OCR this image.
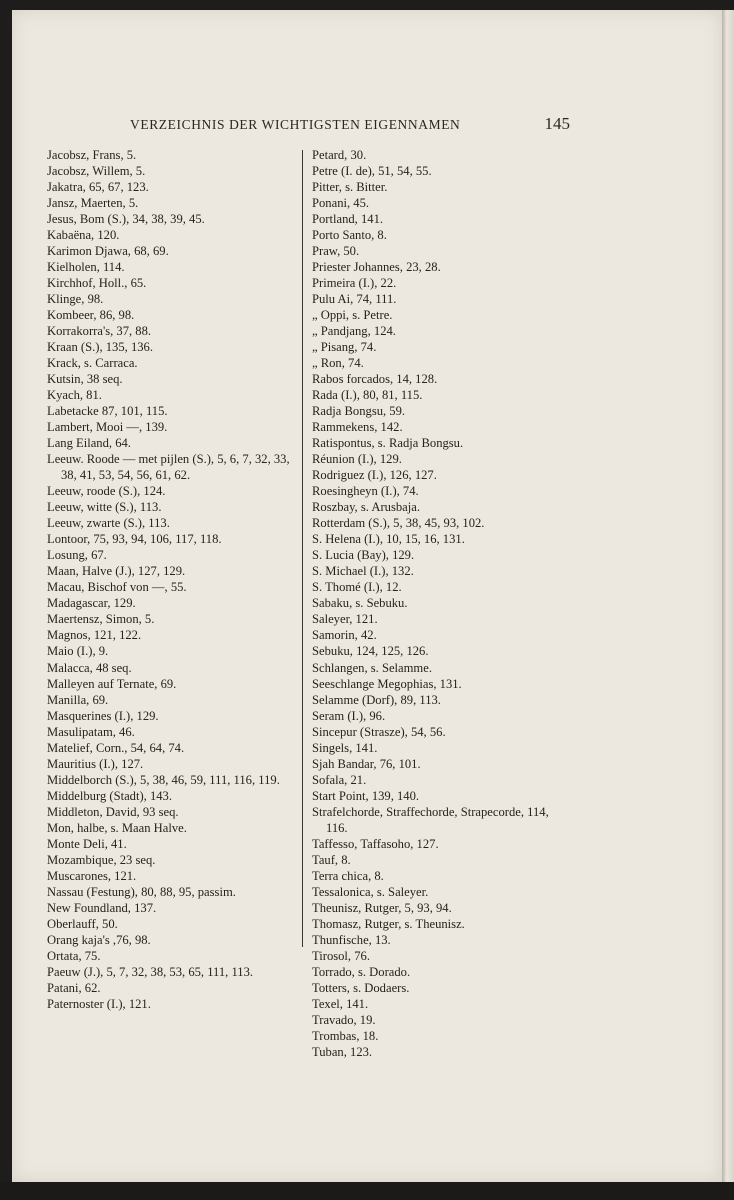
VERZEICHNIS DER WICHTIGSTEN EIGENNAMEN	145
Jacobsz, Frans, 5.
Jacobsz, Willem, 5.
Jakatra, 65, 67, 123.
Jansz, Maerten, 5.
Jesus, Bom (S.), 34, 38, 39, 45.
Kabaëna, 120.
Karimon Djawa, 68, 69.
Kielholen, 114.
Kirchhof, Holl., 65.
Klinge, 98.
Kombeer, 86, 98.
Korrakorra's, 37, 88.
Kraan (S.), 135, 136.
Krack, s. Carraca.
Kutsin, 38 seq.
Kyach, 81.
Labetacke 87, 101, 115.
Lambert, Mooi —, 139.
Lang Eiland, 64.
Leeuw. Roode — met pijlen (S.), 5, 6, 7, 32, 33, 38, 41, 53, 54, 56, 61, 62.
Leeuw, roode (S.), 124.
Leeuw, witte (S.), 113.
Leeuw, zwarte (S.), 113.
Lontoor, 75, 93, 94, 106, 117, 118.
Losung, 67.
Maan, Halve (J.), 127, 129.
Macau, Bischof von —, 55.
Madagascar, 129.
Maertensz, Simon, 5.
Magnos, 121, 122.
Maio (I.), 9.
Malacca, 48 seq.
Malleyen auf Ternate, 69.
Manilla, 69.
Masquerines (I.), 129.
Masulipatam, 46.
Matelief, Corn., 54, 64, 74.
Mauritius (I.), 127.
Middelborch (S.), 5, 38, 46, 59, 111, 116, 119.
Middelburg (Stadt), 143.
Middleton, David, 93 seq.
Mon, halbe, s. Maan Halve.
Monte Deli, 41.
Mozambique, 23 seq.
Muscarones, 121.
Nassau (Festung), 80, 88, 95, passim.
New Foundland, 137.
Oberlauff, 50.
Orang kaja's ,76, 98.
Ortata, 75.
Paeuw (J.), 5, 7, 32, 38, 53, 65, 111, 113.
Patani, 62.
Paternoster (I.), 121.
Petard, 30.
Petre (I. de), 51, 54, 55.
Pitter, s. Bitter.
Ponani, 45.
Portland, 141.
Porto Santo, 8.
Praw, 50.
Priester Johannes, 23, 28.
Primeira (I.), 22.
Pulu Ai, 74, 111.
„ Oppi, s. Petre.
„ Pandjang, 124.
„ Pisang, 74.
„ Ron, 74.
Rabos forcados, 14, 128.
Rada (I.), 80, 81, 115.
Radja Bongsu, 59.
Rammekens, 142.
Ratispontus, s. Radja Bongsu.
Réunion (I.), 129.
Rodriguez (I.), 126, 127.
Roesingheyn (I.), 74.
Roszbay, s. Arusbaja.
Rotterdam (S.), 5, 38, 45, 93, 102.
S. Helena (I.), 10, 15, 16, 131.
S. Lucia (Bay), 129.
S. Michael (I.), 132.
S. Thomé (I.), 12.
Sabaku, s. Sebuku.
Saleyer, 121.
Samorin, 42.
Sebuku, 124, 125, 126.
Schlangen, s. Selamme.
Seeschlange Megophias, 131.
Selamme (Dorf), 89, 113.
Seram (I.), 96.
Sincepur (Strasze), 54, 56.
Singels, 141.
Sjah Bandar, 76, 101.
Sofala, 21.
Start Point, 139, 140.
Strafelchorde, Straffechorde, Strapecorde, 114, 116.
Taffesso, Taffasoho, 127.
Tauf, 8.
Terra chica, 8.
Tessalonica, s. Saleyer.
Theunisz, Rutger, 5, 93, 94.
Thomasz, Rutger, s. Theunisz.
Thunfische, 13.
Tirosol, 76.
Torrado, s. Dorado.
Totters, s. Dodaers.
Texel, 141.
Travado, 19.
Trombas, 18.
Tuban, 123.
